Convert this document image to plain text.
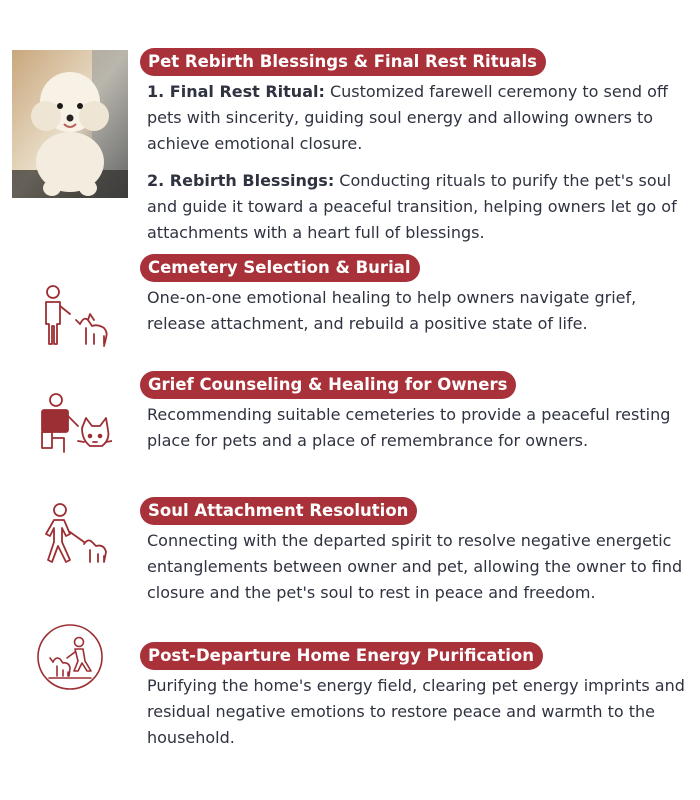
Pet Rebirth Blessings & Final Rest Rituals

1. Final Rest Ritual: Customized farewell ceremony to send off pets with sincerity, guiding soul energy and allowing owners to achieve emotional closure.

2. Rebirth Blessings: Conducting rituals to purify the pet's soul and guide it toward a peaceful transition, helping owners let go of attachments with a heart full of blessings.

Cemetery Selection & Burial
One-on-one emotional healing to help owners navigate grief, release attachment, and rebuild a positive state of life.
Grief Counseling & Healing for Owners
Recommending suitable cemeteries to provide a peaceful resting place for pets and a place of remembrance for owners.
Soul Attachment Resolution
Connecting with the departed spirit to resolve negative energetic entanglements between owner and pet, allowing the owner to find closure and the pet's soul to rest in peace and freedom.
Post-Departure Home Energy Purification
Purifying the home's energy field, clearing pet energy imprints and residual negative emotions to restore peace and warmth to the household.
